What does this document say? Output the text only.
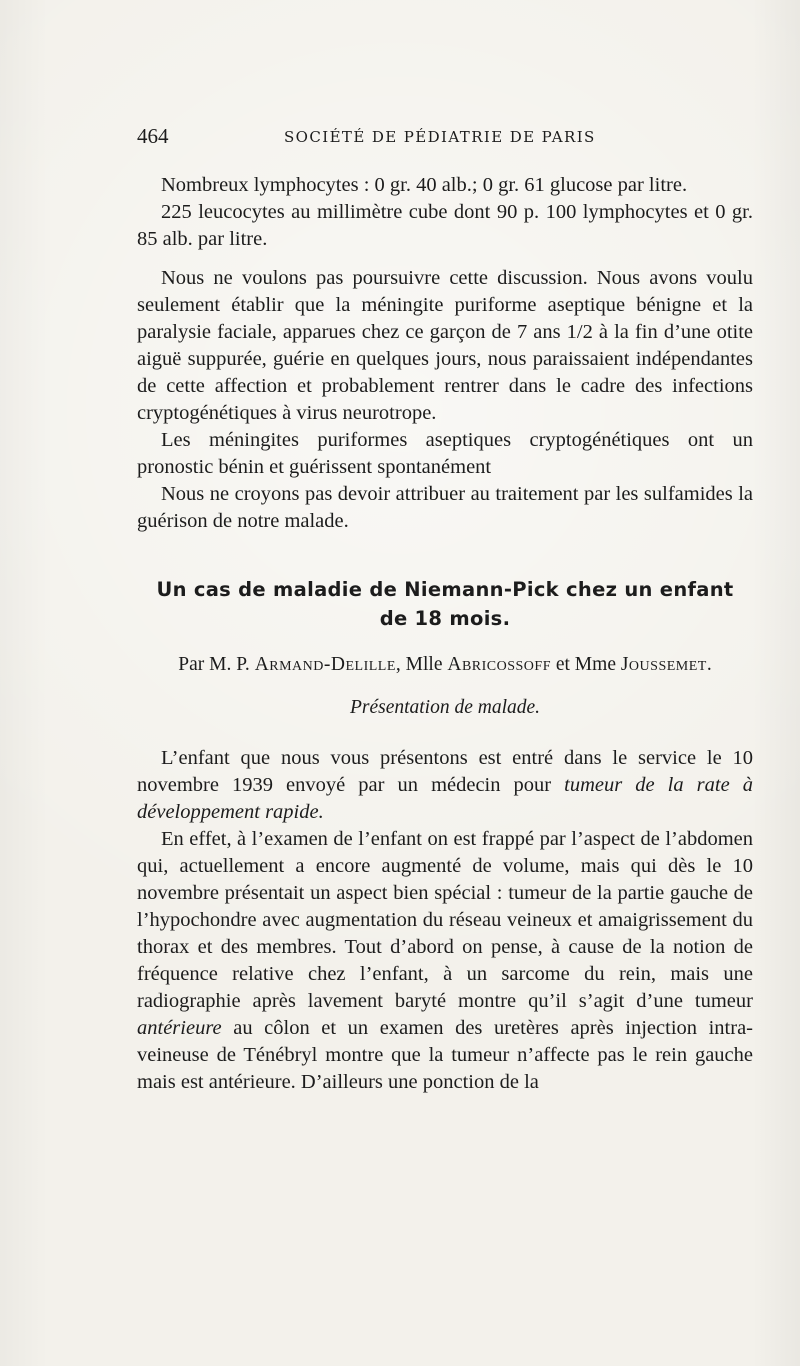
464	SOCIÉTÉ DE PÉDIATRIE DE PARIS

Nombreux lymphocytes : 0 gr. 40 alb.; 0 gr. 61 glucose par litre.

225 leucocytes au millimètre cube dont 90 p. 100 lymphocytes et 0 gr. 85 alb. par litre.

Nous ne voulons pas poursuivre cette discussion. Nous avons voulu seulement établir que la méningite puriforme aseptique bénigne et la paralysie faciale, apparues chez ce garçon de 7 ans 1/2 à la fin d’une otite aiguë suppurée, guérie en quelques jours, nous paraissaient indépendantes de cette affection et probablement rentrer dans le cadre des infections cryptogénétiques à virus neurotrope.

Les méningites puriformes aseptiques cryptogénétiques ont un pronostic bénin et guérissent spontanément

Nous ne croyons pas devoir attribuer au traitement par les sulfamides la guérison de notre malade.

Un cas de maladie de Niemann-Pick chez un enfant
de 18 mois.
Par M. P. Armand-Delille, Mlle Abricossoff et Mme Joussemet.
Présentation de malade.

L’enfant que nous vous présentons est entré dans le service le 10 novembre 1939 envoyé par un médecin pour tumeur de la rate à développement rapide.

En effet, à l’examen de l’enfant on est frappé par l’aspect de l’abdomen qui, actuellement a encore augmenté de volume, mais qui dès le 10 novembre présentait un aspect bien spécial : tumeur de la partie gauche de l’hypochondre avec augmentation du réseau veineux et amaigrissement du thorax et des membres. Tout d’abord on pense, à cause de la notion de fréquence relative chez l’enfant, à un sarcome du rein, mais une radiographie après lavement baryté montre qu’il s’agit d’une tumeur antérieure au côlon et un examen des uretères après injection intra-veineuse de Ténébryl montre que la tumeur n’affecte pas le rein gauche mais est antérieure. D’ailleurs une ponction de la
